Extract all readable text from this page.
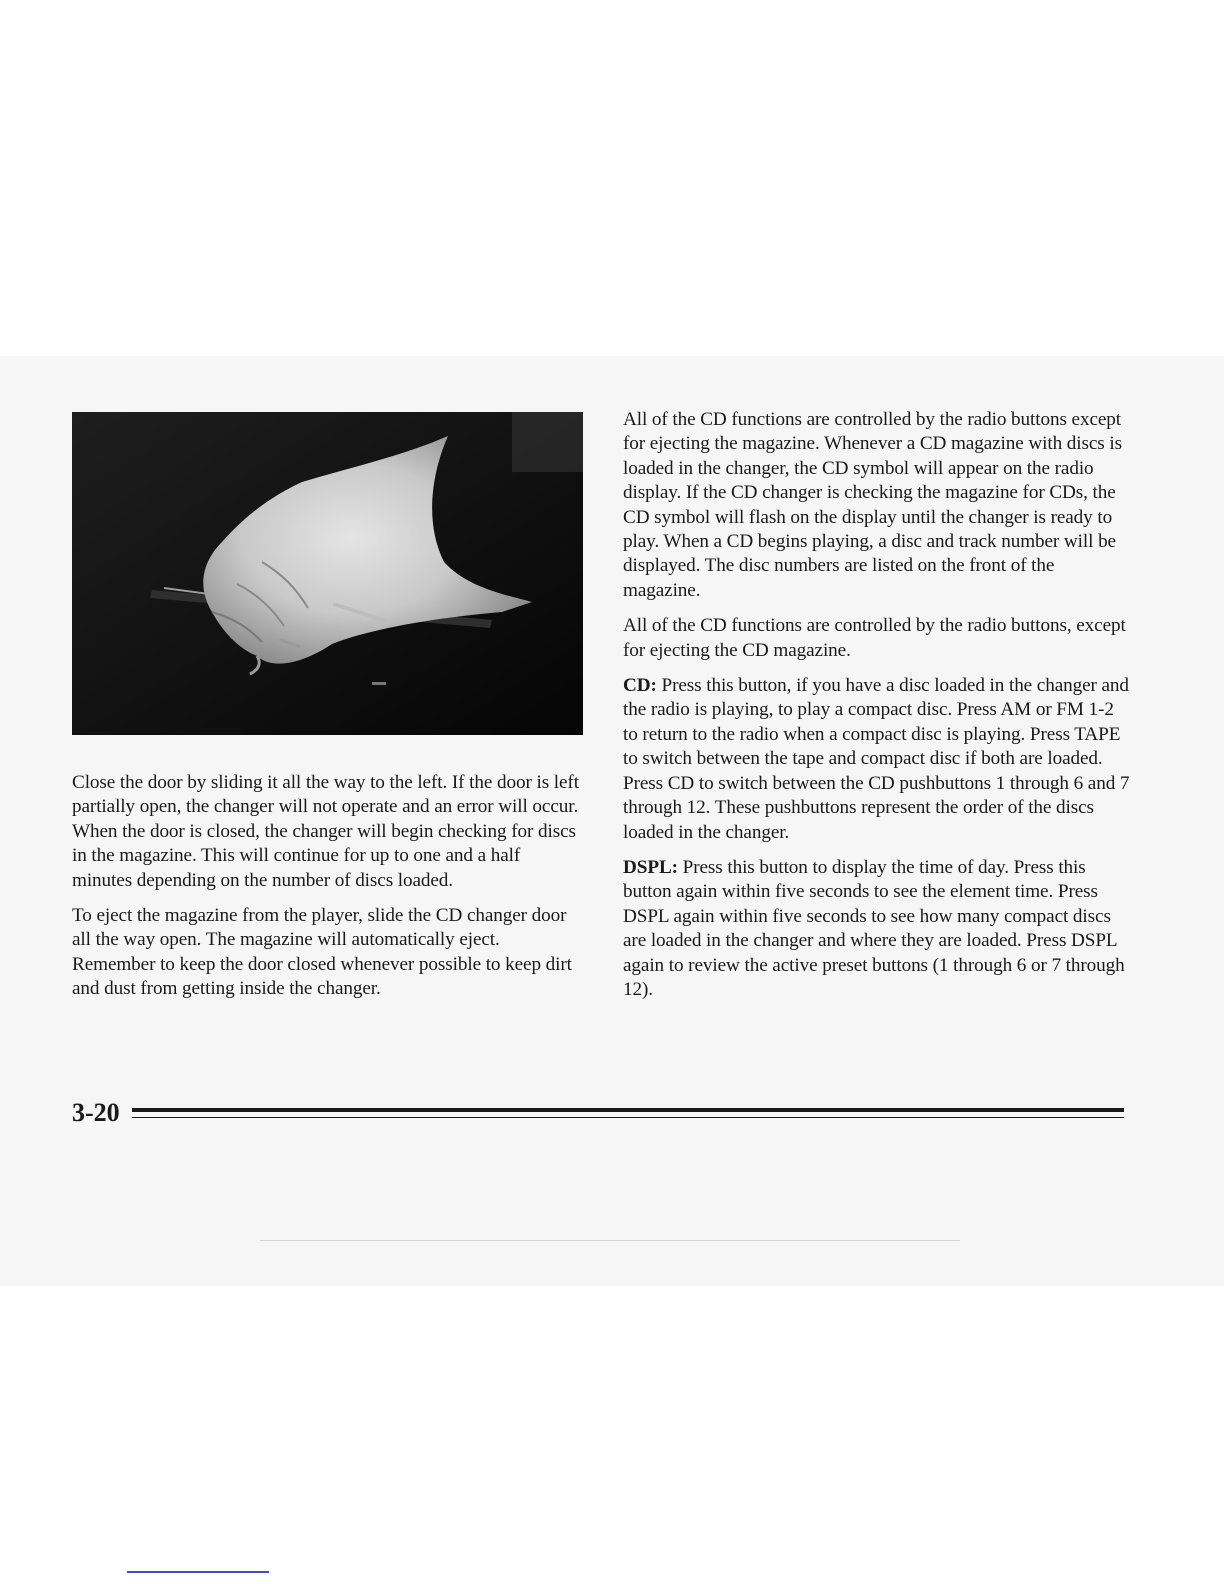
Close the door by sliding it all the way to the left. If the door is left partially open, the changer will not operate and an error will occur. When the door is closed, the changer will begin checking for discs in the magazine. This will continue for up to one and a half minutes depending on the number of discs loaded.

To eject the magazine from the player, slide the CD changer door all the way open. The magazine will automatically eject. Remember to keep the door closed whenever possible to keep dirt and dust from getting inside the changer.

All of the CD functions are controlled by the radio buttons except for ejecting the magazine. Whenever a CD magazine with discs is loaded in the changer, the CD symbol will appear on the radio display. If the CD changer is checking the magazine for CDs, the CD symbol will flash on the display until the changer is ready to play. When a CD begins playing, a disc and track number will be displayed. The disc numbers are listed on the front of the magazine.

All of the CD functions are controlled by the radio buttons, except for ejecting the CD magazine.

CD: Press this button, if you have a disc loaded in the changer and the radio is playing, to play a compact disc. Press AM or FM 1-2 to return to the radio when a compact disc is playing. Press TAPE to switch between the tape and compact disc if both are loaded. Press CD to switch between the CD pushbuttons 1 through 6 and 7 through 12. These pushbuttons represent the order of the discs loaded in the changer.

DSPL: Press this button to display the time of day. Press this button again within five seconds to see the element time. Press DSPL again within five seconds to see how many compact discs are loaded in the changer and where they are loaded. Press DSPL again to review the active preset buttons (1 through 6 or 7 through 12).

3-20
